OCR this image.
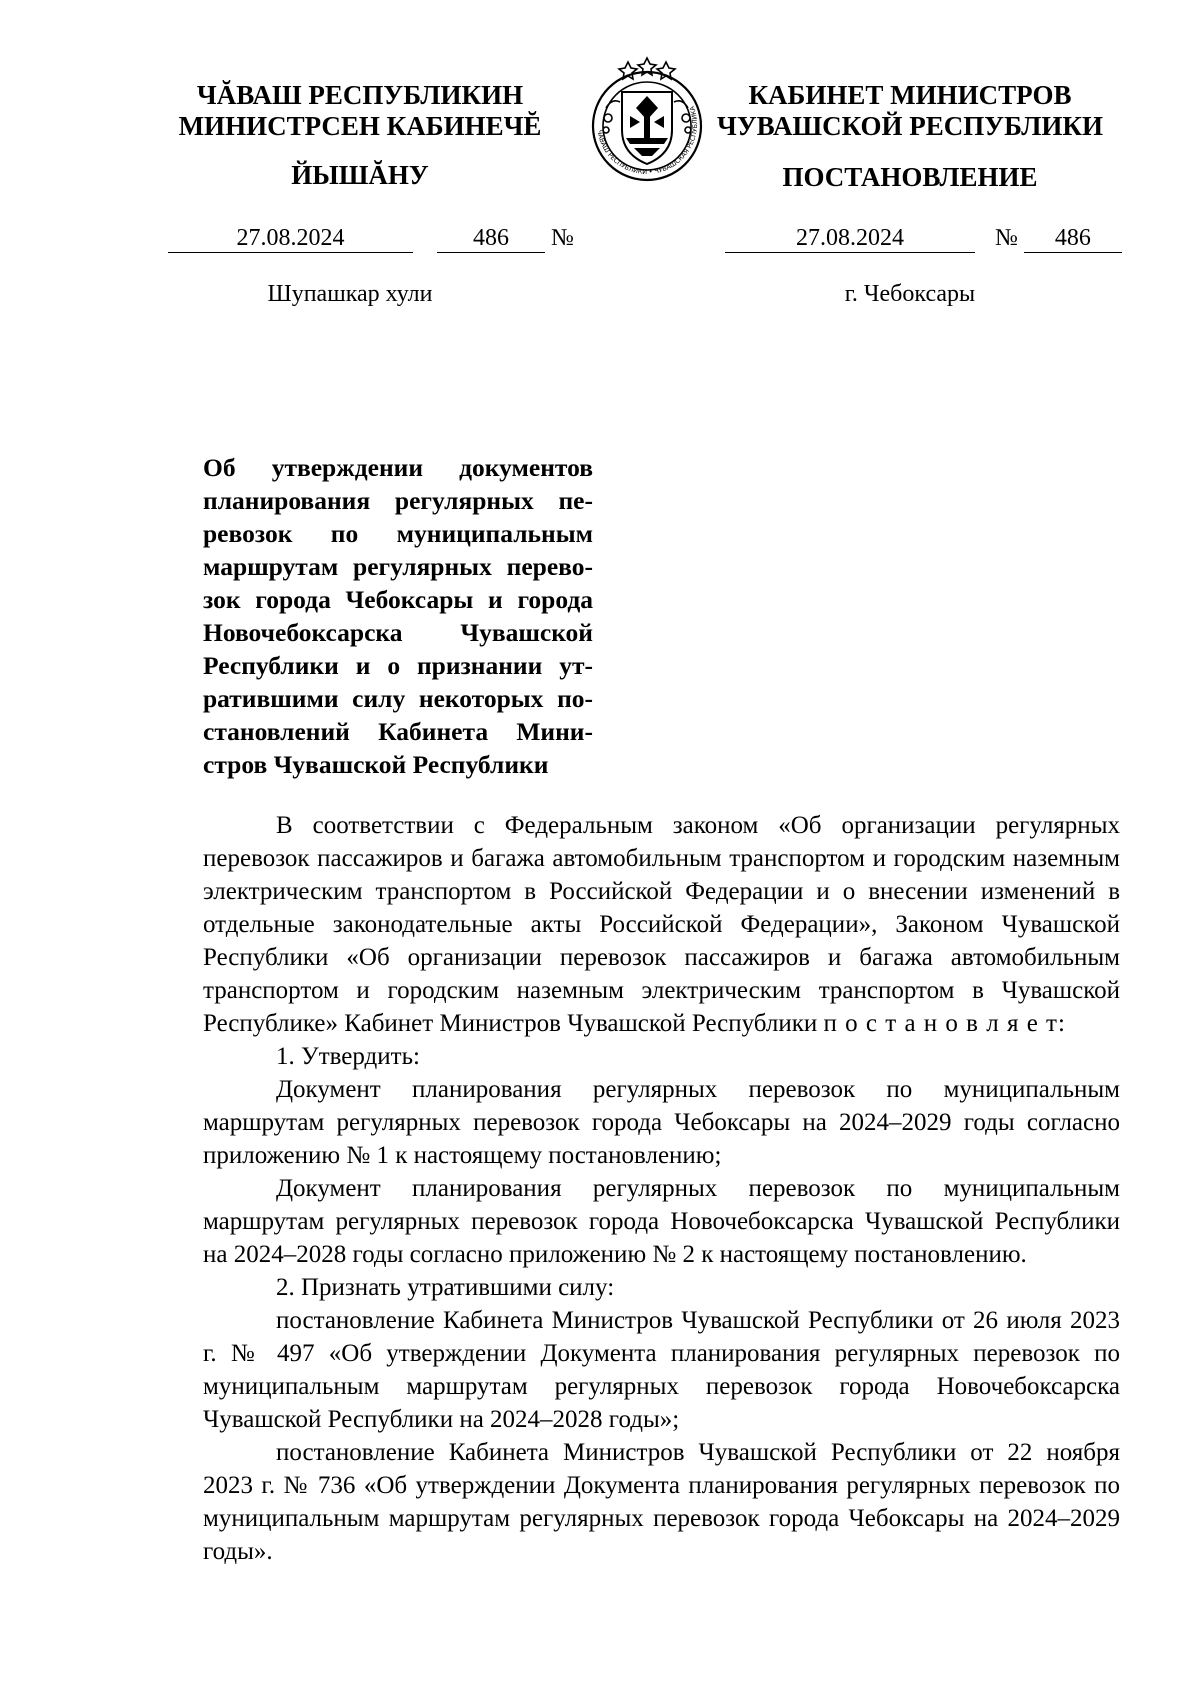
ЧĂВАШ РЕСПУБЛИКИН
МИНИСТРСЕН КАБИНЕЧĔ
ЙЫШĂНУ
ЧĂВАШ РЕСПУБЛИКИ • ЧУВАШСКАЯ РЕСПУБЛИКА	КАБИНЕТ МИНИСТРОВ
ЧУВАШСКОЙ РЕСПУБЛИКИ
ПОСТАНОВЛЕНИЕ
27.08.2024	486 №	27.08.2024	№ 486
Шупашкар хули	г. Чебоксары
Об утверждении документов
планирования регулярных пе-
ревозок по муниципальным
маршрутам регулярных перево-
зок города Чебоксары и города
Новочебоксарска Чувашской
Республики и о признании ут-
ратившими силу некоторых по-
становлений Кабинета Мини-
стров Чувашской Республики

В соответствии с Федеральным законом «Об организации регулярных перевозок пассажиров и багажа автомобильным транспортом и городским наземным электрическим транспортом в Российской Федерации и о внесении изменений в отдельные законодательные акты Российской Федерации», Законом Чувашской Республики «Об организации перевозок пассажиров и багажа автомобильным транспортом и городским наземным электрическим транспортом в Чувашской Республике» Кабинет Министров Чувашской Республики п о с т а н о в л я е т:

1. Утвердить:

Документ планирования регулярных перевозок по муниципальным маршрутам регулярных перевозок города Чебоксары на 2024–2029 годы согласно приложению № 1 к настоящему постановлению;

Документ планирования регулярных перевозок по муниципальным маршрутам регулярных перевозок города Новочебоксарска Чувашской Республики на 2024–2028 годы согласно приложению № 2 к настоящему постановлению.

2. Признать утратившими силу:

постановление Кабинета Министров Чувашской Республики от 26 июля 2023 г. № 497 «Об утверждении Документа планирования регулярных перевозок по муниципальным маршрутам регулярных перевозок города Новочебоксарска Чувашской Республики на 2024–2028 годы»;

постановление Кабинета Министров Чувашской Республики от 22 ноября 2023 г. № 736 «Об утверждении Документа планирования регулярных перевозок по муниципальным маршрутам регулярных перевозок города Чебоксары на 2024–2029 годы».
